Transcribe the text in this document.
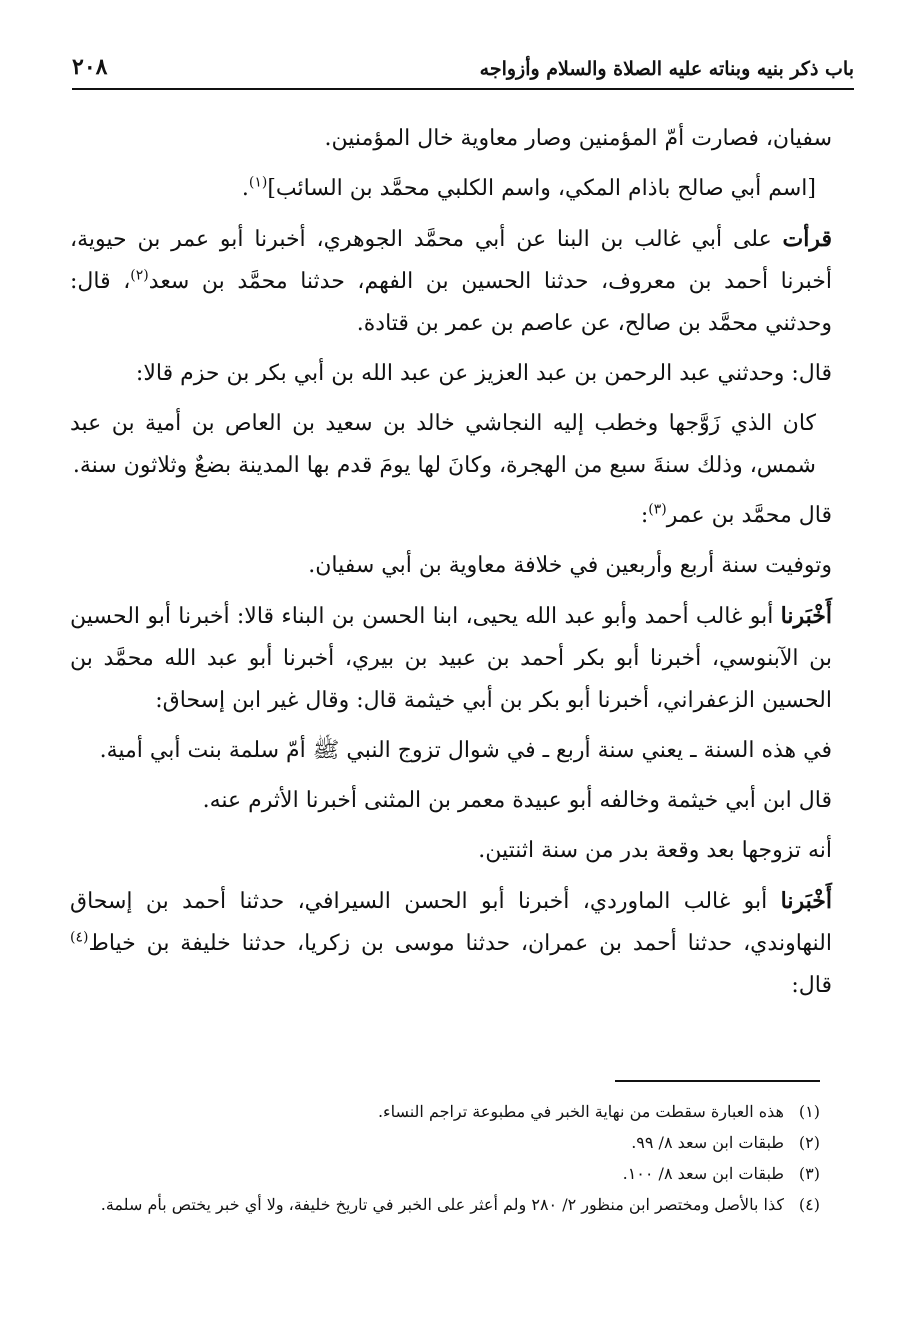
باب ذكر بنيه وبناته عليه الصلاة والسلام وأزواجه
٢٠٨

سفيان، فصارت أمّ المؤمنين وصار معاوية خال المؤمنين.

[اسم أبي صالح باذام المكي، واسم الكلبي محمَّد بن السائب]$^{(١)}$.

قرأت على أبي غالب بن البنا عن أبي محمَّد الجوهري، أخبرنا أبو عمر بن حيوية، أخبرنا أحمد بن معروف، حدثنا الحسين بن الفهم، حدثنا محمَّد بن سعد$^{(٢)}$، قال: وحدثني محمَّد بن صالح، عن عاصم بن عمر بن قتادة.

قال: وحدثني عبد الرحمن بن عبد العزيز عن عبد الله بن أبي بكر بن حزم قالا:

كان الذي زَوَّجها وخطب إليه النجاشي خالد بن سعيد بن العاص بن أمية بن عبد شمس، وذلك سنةَ سبع من الهجرة، وكانَ لها يومَ قدم بها المدينة بضعٌ وثلاثون سنة.

قال محمَّد بن عمر$^{(٣)}$:

وتوفيت سنة أربع وأربعين في خلافة معاوية بن أبي سفيان.

أَخْبَرنا أبو غالب أحمد وأبو عبد الله يحيى، ابنا الحسن بن البناء قالا: أخبرنا أبو الحسين بن الآبنوسي، أخبرنا أبو بكر أحمد بن عبيد بن بيري، أخبرنا أبو عبد الله محمَّد بن الحسين الزعفراني، أخبرنا أبو بكر بن أبي خيثمة قال: وقال غير ابن إسحاق:

في هذه السنة ـ يعني سنة أربع ـ في شوال تزوج النبي ﷺ أمّ سلمة بنت أبي أمية.

قال ابن أبي خيثمة وخالفه أبو عبيدة معمر بن المثنى أخبرنا الأثرم عنه.

أنه تزوجها بعد وقعة بدر من سنة اثنتين.

أَخْبَرنا أبو غالب الماوردي، أخبرنا أبو الحسن السيرافي، حدثنا أحمد بن إسحاق النهاوندي، حدثنا أحمد بن عمران، حدثنا موسى بن زكريا، حدثنا خليفة بن خياط$^{(٤)}$ قال:

(١)
هذه العبارة سقطت من نهاية الخبر في مطبوعة تراجم النساء.
(٢)
طبقات ابن سعد ٨/ ٩٩.
(٣)
طبقات ابن سعد ٨/ ١٠٠.
(٤)
كذا بالأصل ومختصر ابن منظور ٢/ ٢٨٠ ولم أعثر على الخبر في تاريخ خليفة، ولا أي خبر يختص بأم سلمة.
